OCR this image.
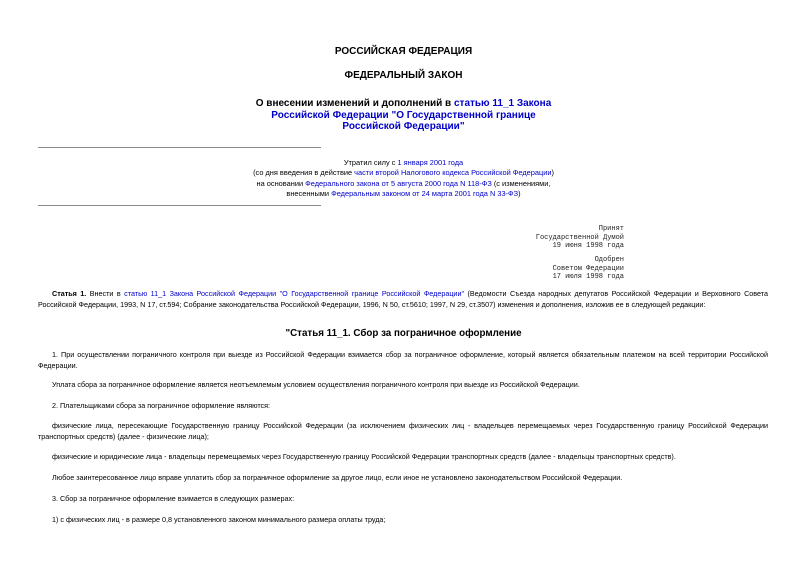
РОССИЙСКАЯ ФЕДЕРАЦИЯ
ФЕДЕРАЛЬНЫЙ ЗАКОН
О внесении изменений и дополнений в статью 11_1 Закона
Российской Федерации "О Государственной границе
Российской Федерации"
Утратил силу с 1 января 2001 года
(со дня введения в действие части второй Налогового кодекса Российской Федерации)
на основании Федерального закона от 5 августа 2000 года N 118-ФЗ (с изменениями,
внесенными Федеральным законом от 24 марта 2001 года N 33-ФЗ)
Принят
Государственной Думой
19 июня 1998 года
Одобрен
Советом Федерации
17 июля 1998 года
Статья 1. Внести в статью 11_1 Закона Российской Федерации "О Государственной границе Российской Федерации" (Ведомости Съезда народных депутатов Российской Федерации и Верховного Совета Российской Федерации, 1993, N 17, ст.594; Собрание законодательства Российской Федерации, 1996, N 50, ст.5610; 1997, N 29, ст.3507) изменения и дополнения, изложив ее в следующей редакции:
"Статья 11_1. Сбор за пограничное оформление
1. При осуществлении пограничного контроля при выезде из Российской Федерации взимается сбор за пограничное оформление, который является обязательным платежом на всей территории Российской Федерации.
Уплата сбора за пограничное оформление является неотъемлемым условием осуществления пограничного контроля при выезде из Российской Федерации.
2. Плательщиками сбора за пограничное оформление являются:
физические лица, пересекающие Государственную границу Российской Федерации (за исключением физических лиц - владельцев перемещаемых через Государственную границу Российской Федерации транспортных средств) (далее - физические лица);
физические и юридические лица - владельцы перемещаемых через Государственную границу Российской Федерации транспортных средств (далее - владельцы транспортных средств).
Любое заинтересованное лицо вправе уплатить сбор за пограничное оформление за другое лицо, если иное не установлено законодательством Российской Федерации.
3. Сбор за пограничное оформление взимается в следующих размерах:
1) с физических лиц - в размере 0,8 установленного законом минимального размера оплаты труда;
